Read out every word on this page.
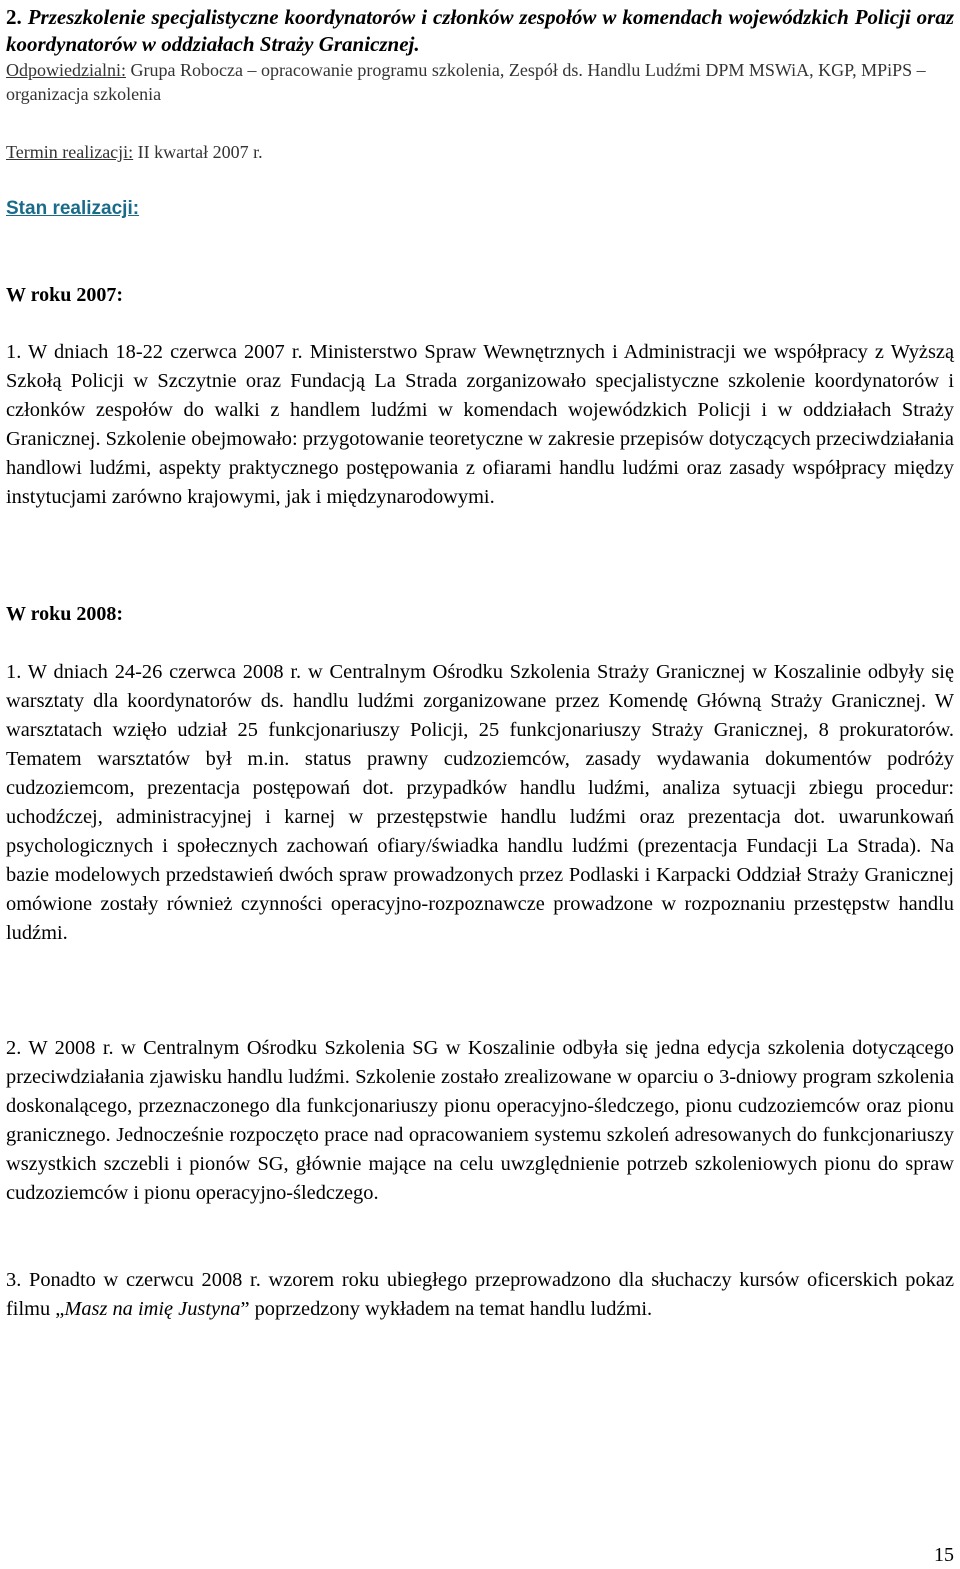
2. Przeszkolenie specjalistyczne koordynatorów i członków zespołów w komendach wojewódzkich Policji oraz koordynatorów w oddziałach Straży Granicznej.
Odpowiedzialni: Grupa Robocza – opracowanie programu szkolenia, Zespół ds. Handlu Ludźmi DPM MSWiA, KGP, MPiPS – organizacja szkolenia
Termin realizacji: II kwartał 2007 r.
Stan realizacji:
W roku 2007:
1. W dniach 18-22 czerwca 2007 r. Ministerstwo Spraw Wewnętrznych i Administracji we współpracy z Wyższą Szkołą Policji w Szczytnie oraz Fundacją La Strada zorganizowało specjalistyczne szkolenie koordynatorów i członków zespołów do walki z handlem ludźmi w komendach wojewódzkich Policji i w oddziałach Straży Granicznej. Szkolenie obejmowało: przygotowanie teoretyczne w zakresie przepisów dotyczących przeciwdziałania handlowi ludźmi, aspekty praktycznego postępowania z ofiarami handlu ludźmi oraz zasady współpracy między instytucjami zarówno krajowymi, jak i międzynarodowymi.
W roku 2008:
1. W dniach 24-26 czerwca 2008 r. w Centralnym Ośrodku Szkolenia Straży Granicznej w Koszalinie odbyły się warsztaty dla koordynatorów ds. handlu ludźmi zorganizowane przez Komendę Główną Straży Granicznej. W warsztatach wzięło udział 25 funkcjonariuszy Policji, 25 funkcjonariuszy Straży Granicznej, 8 prokuratorów. Tematem warsztatów był m.in. status prawny cudzoziemców, zasady wydawania dokumentów podróży cudzoziemcom, prezentacja postępowań dot. przypadków handlu ludźmi, analiza sytuacji zbiegu procedur: uchodźczej, administracyjnej i karnej w przestępstwie handlu ludźmi oraz prezentacja dot. uwarunkowań psychologicznych i społecznych zachowań ofiary/świadka handlu ludźmi (prezentacja Fundacji La Strada). Na bazie modelowych przedstawień dwóch spraw prowadzonych przez Podlaski i Karpacki Oddział Straży Granicznej omówione zostały również czynności operacyjno-rozpoznawcze prowadzone w rozpoznaniu przestępstw handlu ludźmi.
2. W 2008 r. w Centralnym Ośrodku Szkolenia SG w Koszalinie odbyła się jedna edycja szkolenia dotyczącego przeciwdziałania zjawisku handlu ludźmi. Szkolenie zostało zrealizowane w oparciu o 3-dniowy program szkolenia doskonalącego, przeznaczonego dla funkcjonariuszy pionu operacyjno-śledczego, pionu cudzoziemców oraz pionu granicznego. Jednocześnie rozpoczęto prace nad opracowaniem systemu szkoleń adresowanych do funkcjonariuszy wszystkich szczebli i pionów SG, głównie mające na celu uwzględnienie potrzeb szkoleniowych pionu do spraw cudzoziemców i pionu operacyjno-śledczego.
3. Ponadto w czerwcu 2008 r. wzorem roku ubiegłego przeprowadzono dla słuchaczy kursów oficerskich pokaz filmu „Masz na imię Justyna” poprzedzony wykładem na temat handlu ludźmi.
15
